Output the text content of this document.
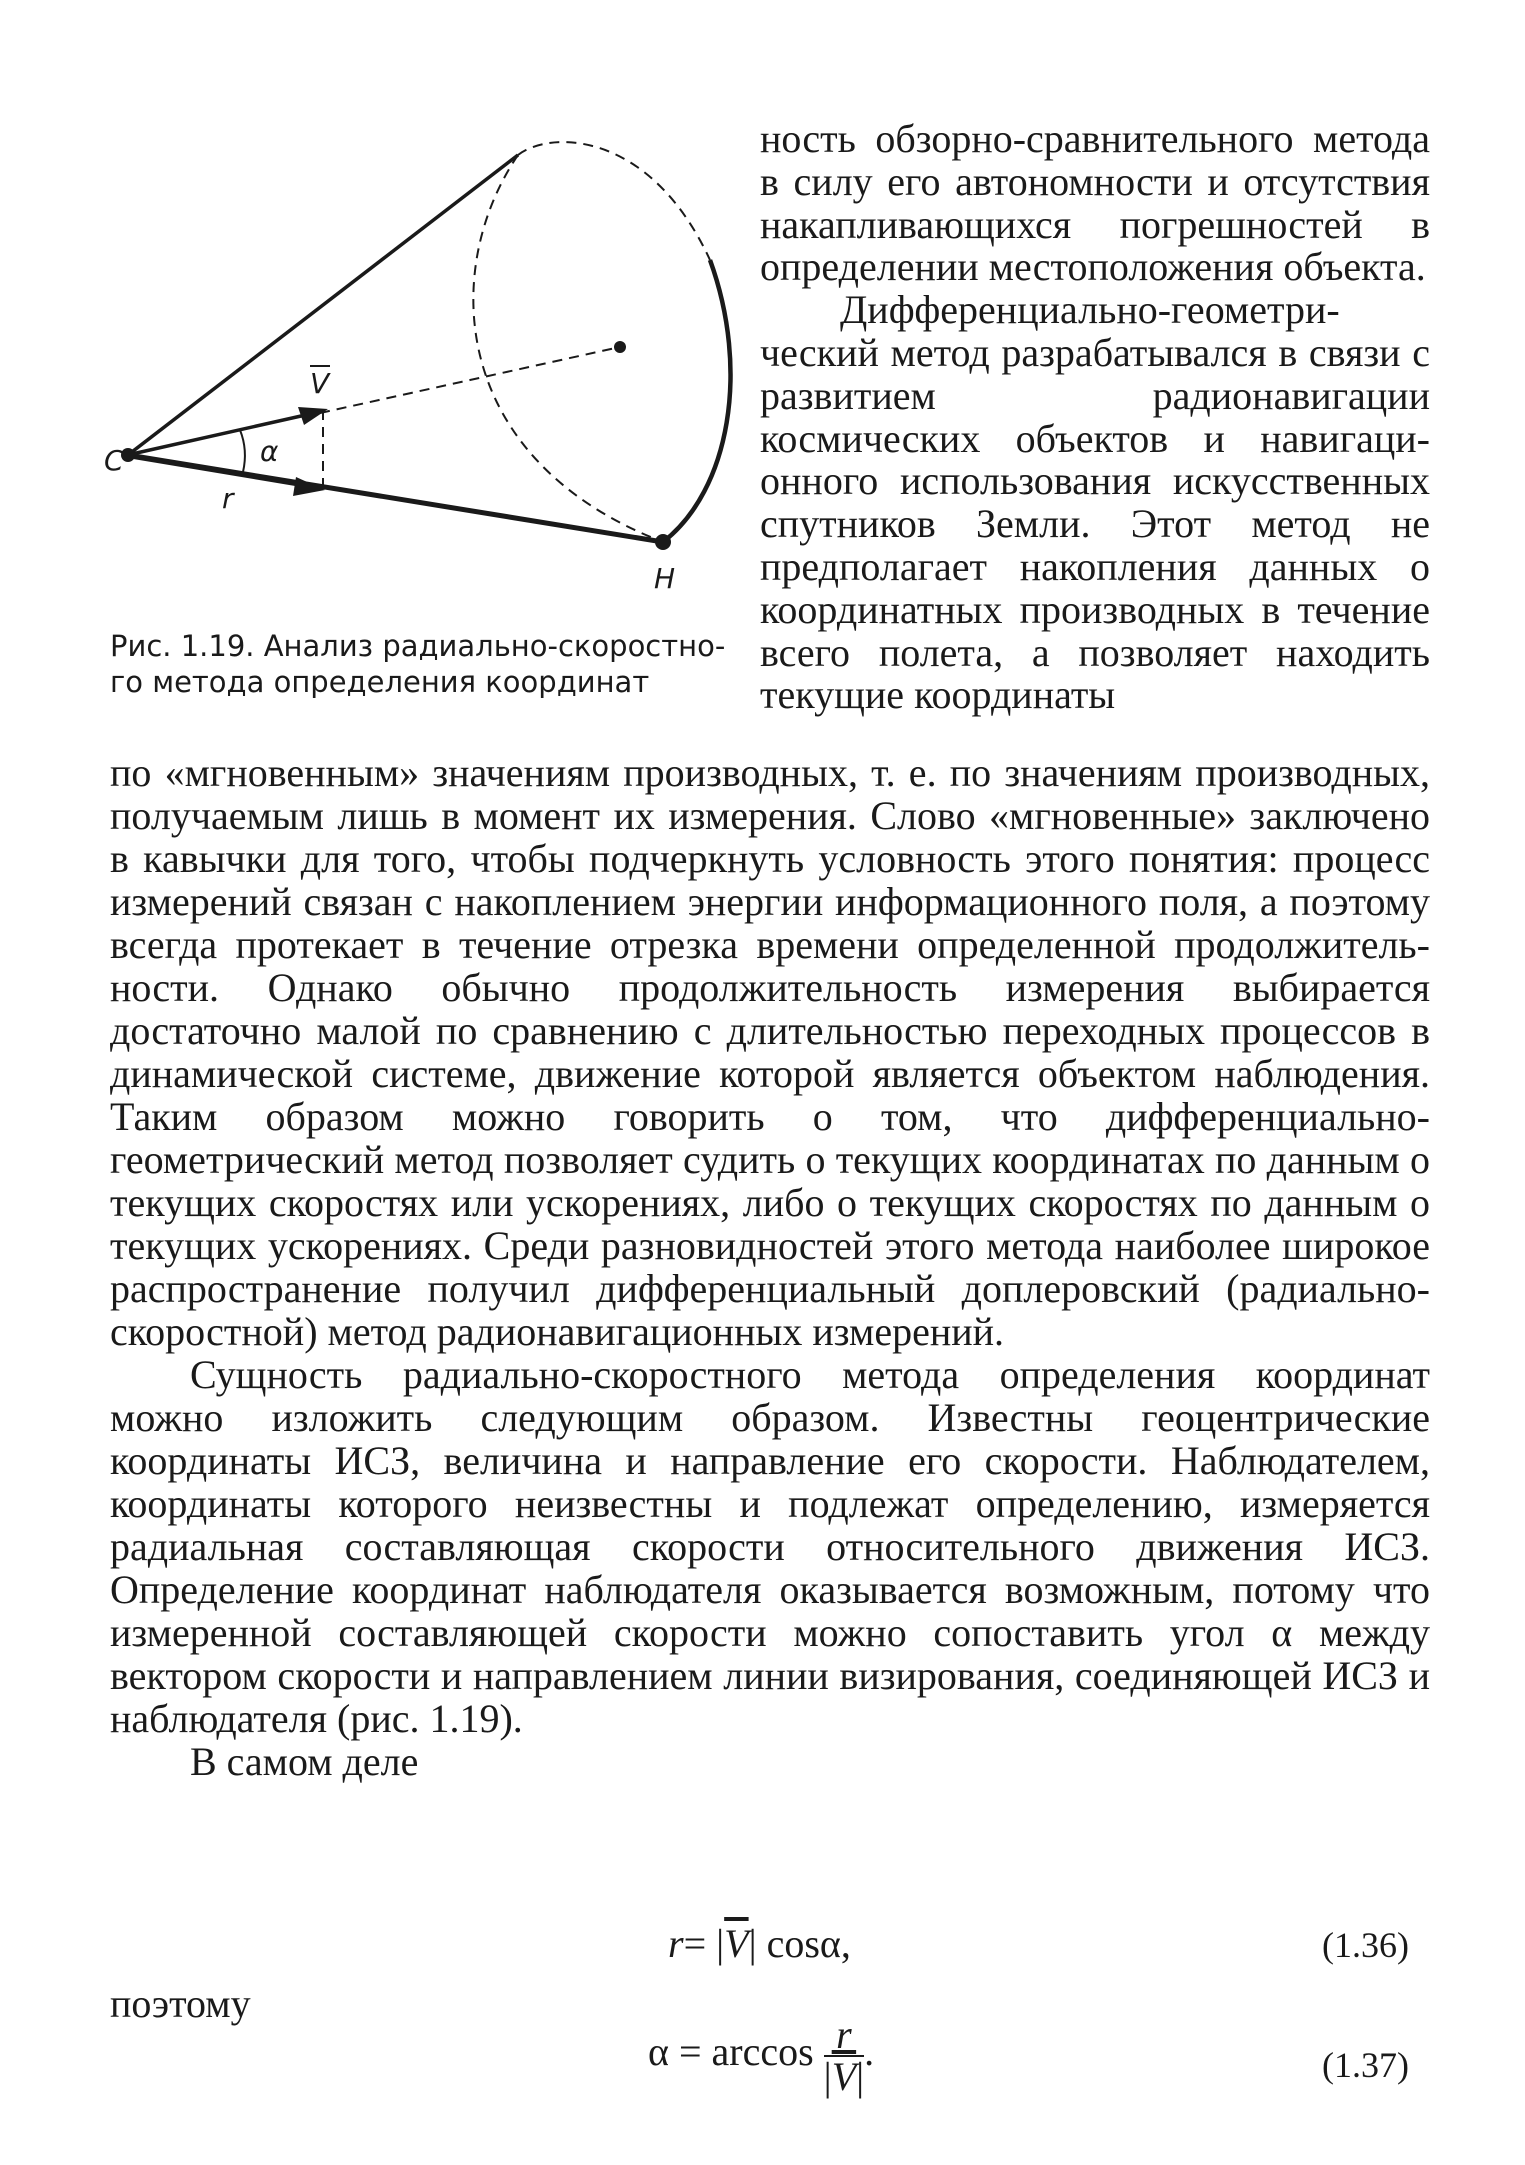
C	α
r
V
H
Рис. 1.19. Анализ радиально-скоростного метода определения координат

ность обзорно-сравнительного метода в силу его автономности и отсутствия накапливающихся погрешностей в определении местоположения объекта.

Дифференциально-геометрический метод разрабатывался в связи с развитием радионавигации космических объектов и навигационного использования искусственных спутников Земли. Этот метод не предполагает накопления данных о координатных производных в течение всего полета, а позволяет находить текущие координаты

по «мгновенным» значениям производных, т. е. по значениям производных, получаемым лишь в момент их измерения. Слово «мгновенные» заключено в кавычки для того, чтобы подчеркнуть условность этого понятия: процесс измерений связан с накоплением энергии информационного поля, а поэтому всегда протекает в течение отрезка времени определенной продолжительности. Однако обычно продолжительность измерения выбирается достаточно малой по сравнению с длительностью переходных процессов в динамической системе, движение которой является объектом наблюдения. Таким образом можно говорить о том, что дифференциально-геометрический метод позволяет судить о текущих координатах по данным о текущих скоростях или ускорениях, либо о текущих скоростях по данным о текущих ускорениях. Среди разновидностей этого метода наиболее широкое распространение получил дифференциальный доплеровский (радиально-скоростной) метод радионавигационных измерений.

Сущность радиально-скоростного метода определения координат можно изложить следующим образом. Известны геоцентрические координаты ИСЗ, величина и направление его скорости. Наблюдателем, координаты которого неизвестны и подлежат определению, измеряется радиальная составляющая скорости относительного движения ИСЗ. Определение координат наблюдателя оказывается возможным, потому что измеренной составляющей скорости можно сопоставить угол α между вектором скорости и направлением линии визирования, соединяющей ИСЗ и наблюдателя (рис. 1.19).

В самом деле

$r= |\overline{V}|$ cosα,	(1.36)
поэтому
$\alpha = \arccos \frac{r}{|\overline{V}|}$ .	(1.37)
